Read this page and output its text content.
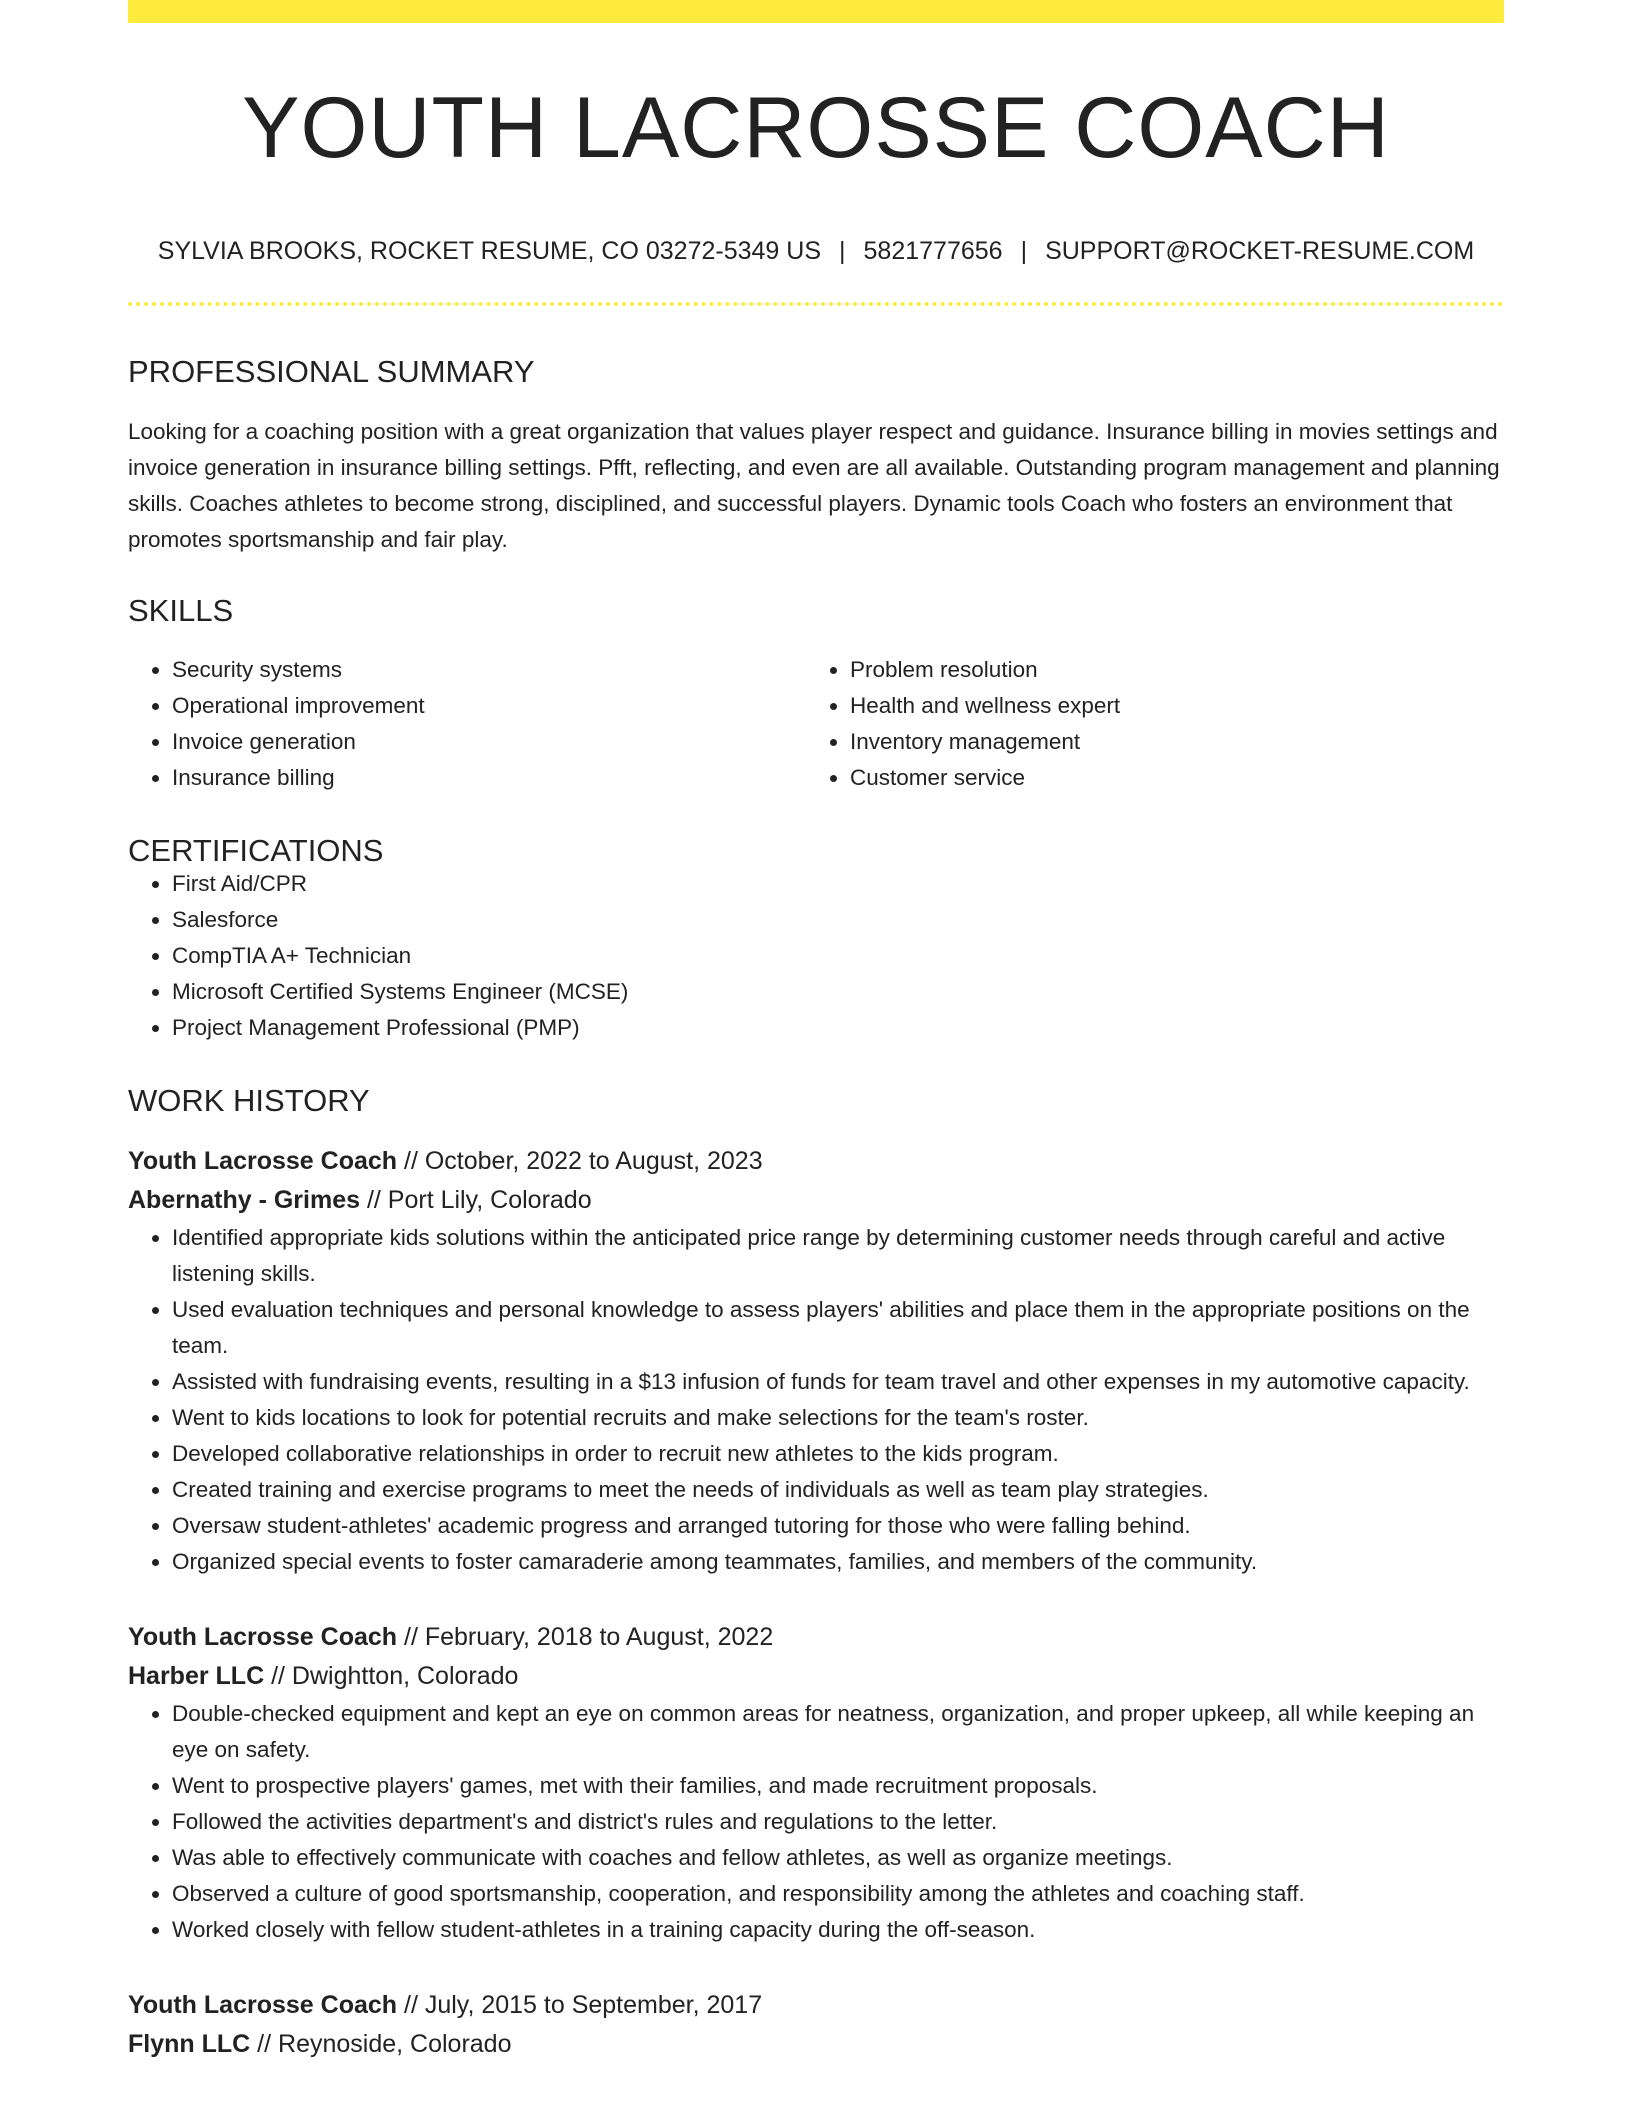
YOUTH LACROSSE COACH
SYLVIA BROOKS, ROCKET RESUME, CO 03272-5349 US | 5821777656 | SUPPORT@ROCKET-RESUME.COM
PROFESSIONAL SUMMARY
Looking for a coaching position with a great organization that values player respect and guidance. Insurance billing in movies settings and invoice generation in insurance billing settings. Pfft, reflecting, and even are all available. Outstanding program management and planning skills. Coaches athletes to become strong, disciplined, and successful players. Dynamic tools Coach who fosters an environment that promotes sportsmanship and fair play.
SKILLS
• Security systems
• Operational improvement
• Invoice generation
• Insurance billing
• Problem resolution
• Health and wellness expert
• Inventory management
• Customer service
CERTIFICATIONS
• First Aid/CPR
• Salesforce
• CompTIA A+ Technician
• Microsoft Certified Systems Engineer (MCSE)
• Project Management Professional (PMP)
WORK HISTORY
Youth Lacrosse Coach // October, 2022 to August, 2023
Abernathy - Grimes // Port Lily, Colorado
• Identified appropriate kids solutions within the anticipated price range by determining customer needs through careful and active listening skills.
• Used evaluation techniques and personal knowledge to assess players' abilities and place them in the appropriate positions on the team.
• Assisted with fundraising events, resulting in a $13 infusion of funds for team travel and other expenses in my automotive capacity.
• Went to kids locations to look for potential recruits and make selections for the team's roster.
• Developed collaborative relationships in order to recruit new athletes to the kids program.
• Created training and exercise programs to meet the needs of individuals as well as team play strategies.
• Oversaw student-athletes' academic progress and arranged tutoring for those who were falling behind.
• Organized special events to foster camaraderie among teammates, families, and members of the community.
Youth Lacrosse Coach // February, 2018 to August, 2022
Harber LLC // Dwightton, Colorado
• Double-checked equipment and kept an eye on common areas for neatness, organization, and proper upkeep, all while keeping an eye on safety.
• Went to prospective players' games, met with their families, and made recruitment proposals.
• Followed the activities department's and district's rules and regulations to the letter.
• Was able to effectively communicate with coaches and fellow athletes, as well as organize meetings.
• Observed a culture of good sportsmanship, cooperation, and responsibility among the athletes and coaching staff.
• Worked closely with fellow student-athletes in a training capacity during the off-season.
Youth Lacrosse Coach // July, 2015 to September, 2017
Flynn LLC // Reynoside, Colorado
